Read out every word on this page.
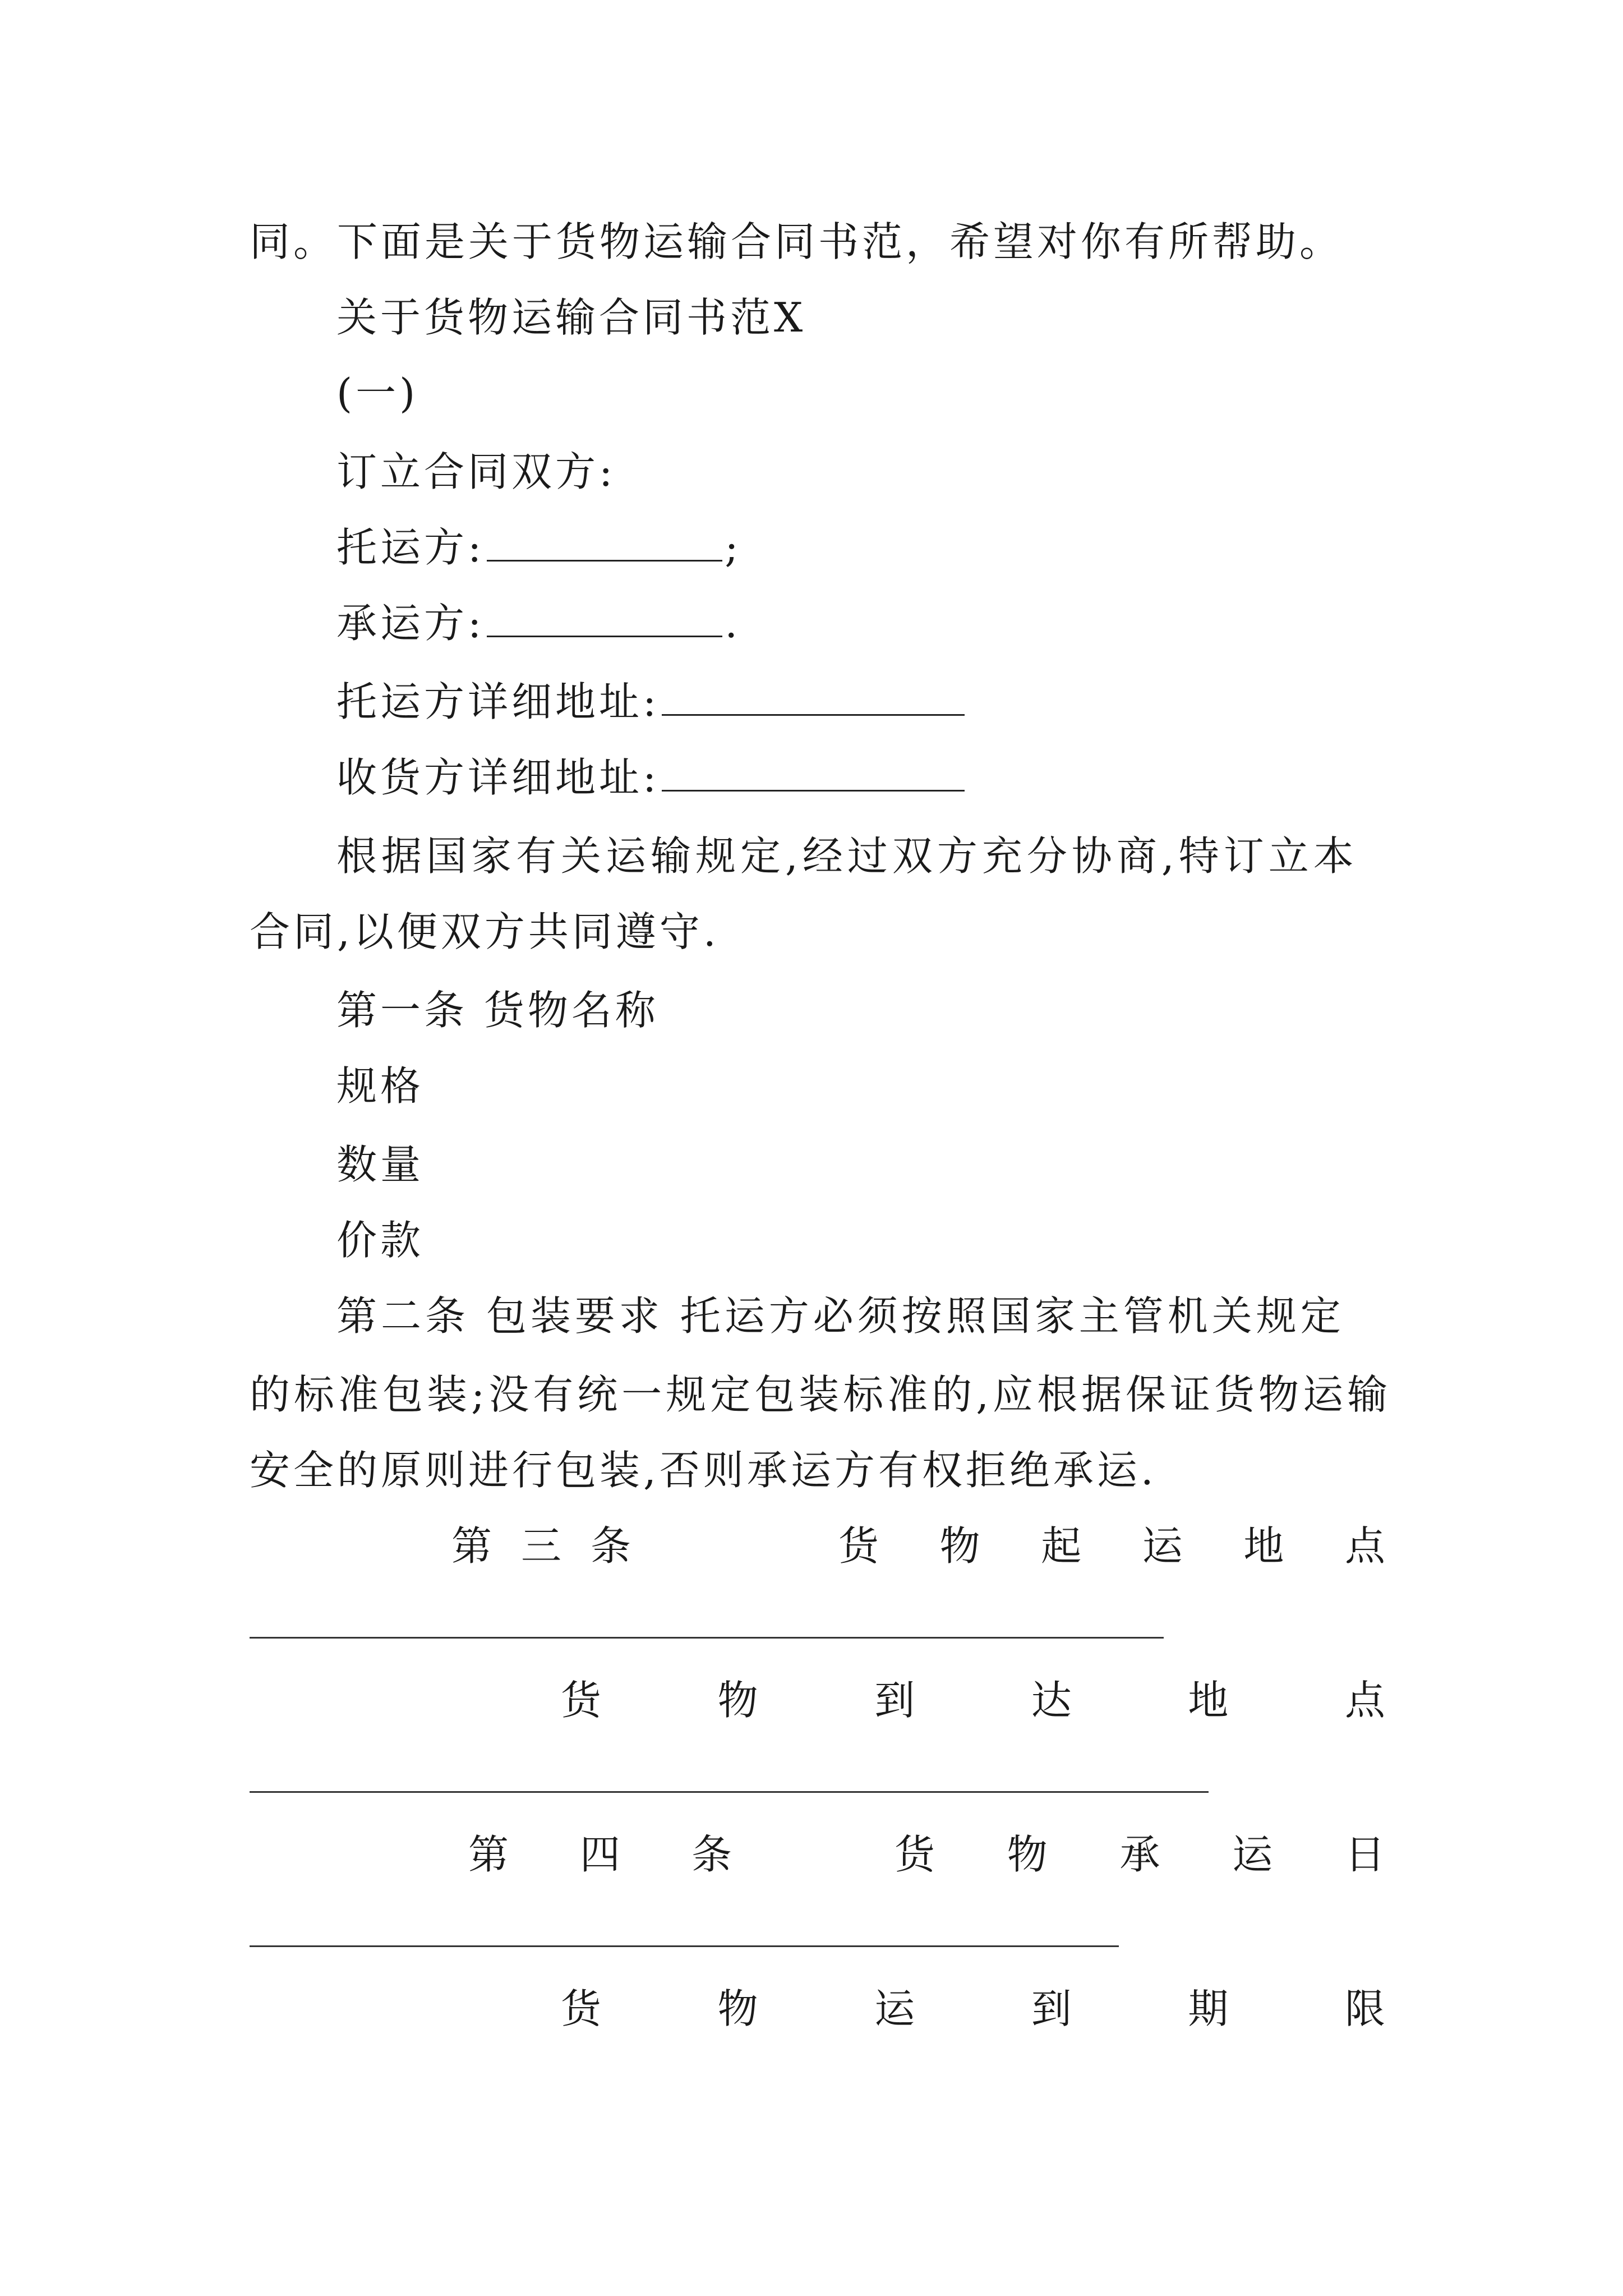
同。下面是关于货物运输合同书范，希望对你有所帮助。
关于货物运输合同书范X
(一)
订立合同双方:
托运方:	;
承运方:	.
托运方详细地址:
收货方详细地址:
根据国家有关运输规定,经过双方充分协商,特订立本
合同,以便双方共同遵守.
第一条 货物名称
规格
数量
价款
第二条 包装要求 托运方必须按照国家主管机关规定
的标准包装;没有统一规定包装标准的,应根据保证货物运输
安全的原则进行包装,否则承运方有权拒绝承运.
第 三 条	货 物 起 运 地 点
货	物	到	达	地	点
第 四 条	货 物 承 运 日
货	物	运	到	期	限
